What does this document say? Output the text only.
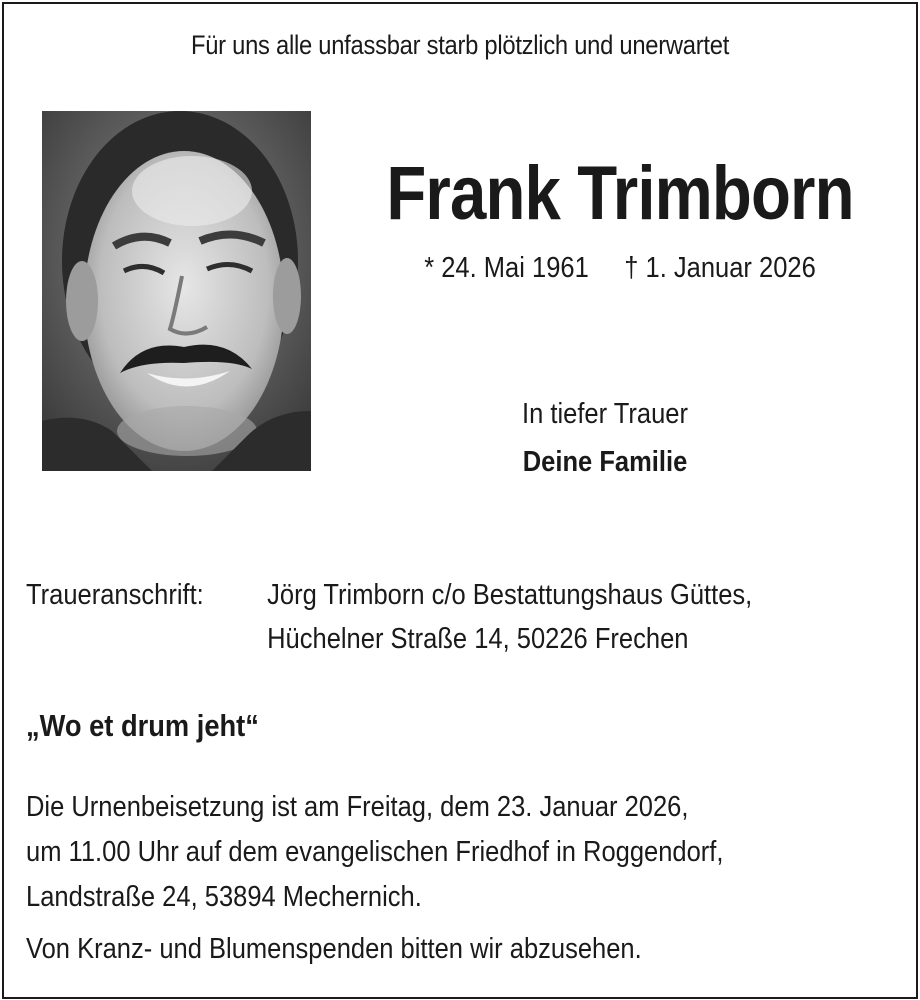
Für uns alle unfassbar starb plötzlich und unerwartet
Frank Trimborn
* 24. Mai 1961 † 1. Januar 2026
In tiefer Trauer
Deine Familie
Traueranschrift:	Jörg Trimborn c/o Bestattungshaus Güttes,
Hüchelner Straße 14, 50226 Frechen
„Wo et drum jeht“
Die Urnenbeisetzung ist am Freitag, dem 23. Januar 2026,
um 11.00 Uhr auf dem evangelischen Friedhof in Roggendorf,
Landstraße 24, 53894 Mechernich.
Von Kranz- und Blumenspenden bitten wir abzusehen.
